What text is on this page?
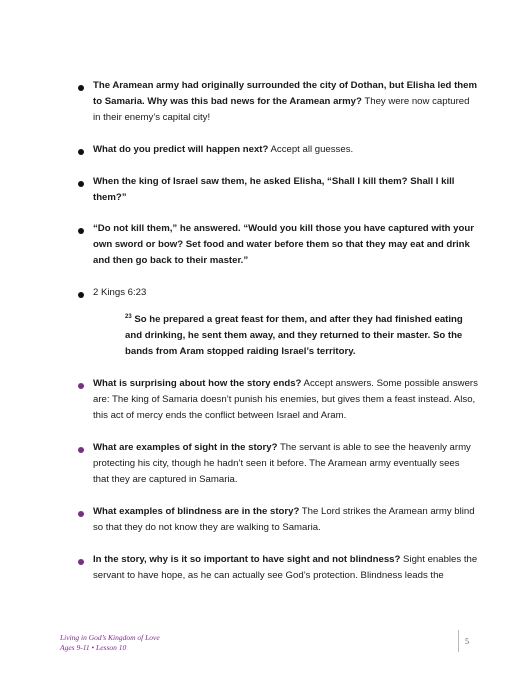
The Aramean army had originally surrounded the city of Dothan, but Elisha led them to Samaria. Why was this bad news for the Aramean army? They were now captured in their enemy’s capital city!
What do you predict will happen next? Accept all guesses.
When the king of Israel saw them, he asked Elisha, “Shall I kill them? Shall I kill them?”
“Do not kill them,” he answered. “Would you kill those you have captured with your own sword or bow? Set food and water before them so that they may eat and drink and then go back to their master.”
2 Kings 6:23
$^{23}$ So he prepared a great feast for them, and after they had finished eating and drinking, he sent them away, and they returned to their master. So the bands from Aram stopped raiding Israel’s territory.
What is surprising about how the story ends? Accept answers. Some possible answers are: The king of Samaria doesn’t punish his enemies, but gives them a feast instead. Also, this act of mercy ends the conflict between Israel and Aram.
What are examples of sight in the story? The servant is able to see the heavenly army protecting his city, though he hadn’t seen it before. The Aramean army eventually sees that they are captured in Samaria.
What examples of blindness are in the story? The Lord strikes the Aramean army blind so that they do not know they are walking to Samaria.
In the story, why is it so important to have sight and not blindness? Sight enables the servant to have hope, as he can actually see God’s protection. Blindness leads the
Living in God’s Kingdom of Love
Ages 9-11 • Lesson 10
5
